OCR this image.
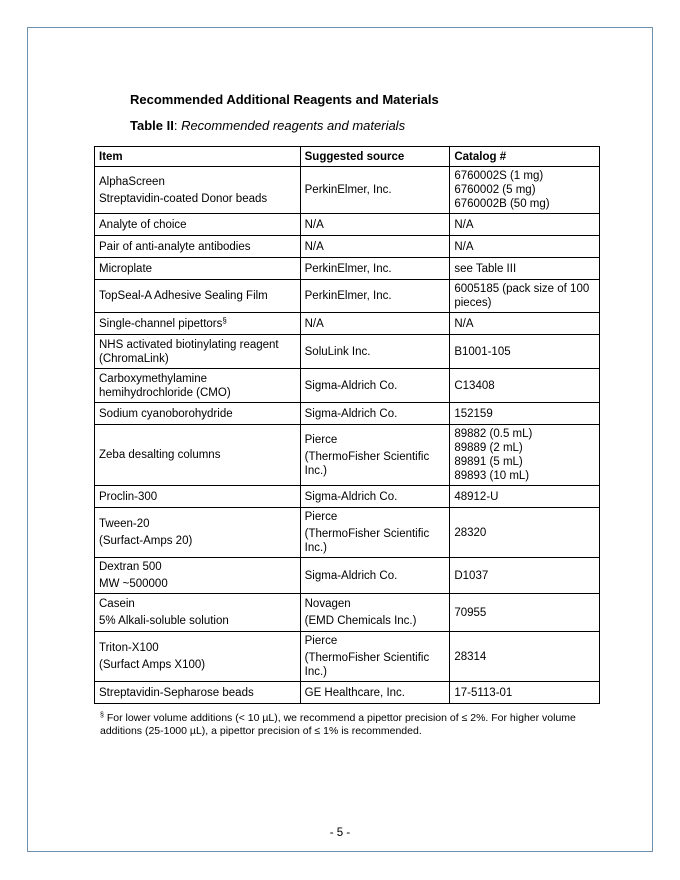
Recommended Additional Reagents and Materials
Table II: Recommended reagents and materials
Item	Suggested source	Catalog #

AlphaScreen
Streptavidin-coated Donor beads	PerkinElmer, Inc.	6760002S (1 mg)
6760002 (5 mg)
6760002B (50 mg)

Analyte of choice	N/A	N/A

Pair of anti-analyte antibodies	N/A	N/A

Microplate	PerkinElmer, Inc.	see Table III

TopSeal-A Adhesive Sealing Film	PerkinElmer, Inc.	6005185 (pack size of 100 pieces)

Single-channel pipettors§	N/A	N/A

NHS activated biotinylating reagent (ChromaLink)	SoluLink Inc.	B1001-105

Carboxymethylamine hemihydrochloride (CMO)	Sigma-Aldrich Co.	C13408

Sodium cyanoborohydride	Sigma-Aldrich Co.	152159

Zeba desalting columns	Pierce
(ThermoFisher Scientific Inc.)	89882 (0.5 mL)
89889 (2 mL)
89891 (5 mL)
89893 (10 mL)

Proclin-300	Sigma-Aldrich Co.	48912-U

Tween-20
(Surfact-Amps 20)	Pierce
(ThermoFisher Scientific Inc.)	28320

Dextran 500
MW ~500000	Sigma-Aldrich Co.	D1037

Casein
5% Alkali-soluble solution	Novagen
(EMD Chemicals Inc.)	70955

Triton-X100
(Surfact Amps X100)	Pierce
(ThermoFisher Scientific Inc.)	28314

Streptavidin-Sepharose beads	GE Healthcare, Inc.	17-5113-01
§ For lower volume additions (< 10 µL), we recommend a pipettor precision of ≤ 2%. For higher volume additions (25-1000 µL), a pipettor precision of ≤ 1% is recommended.
- 5 -
